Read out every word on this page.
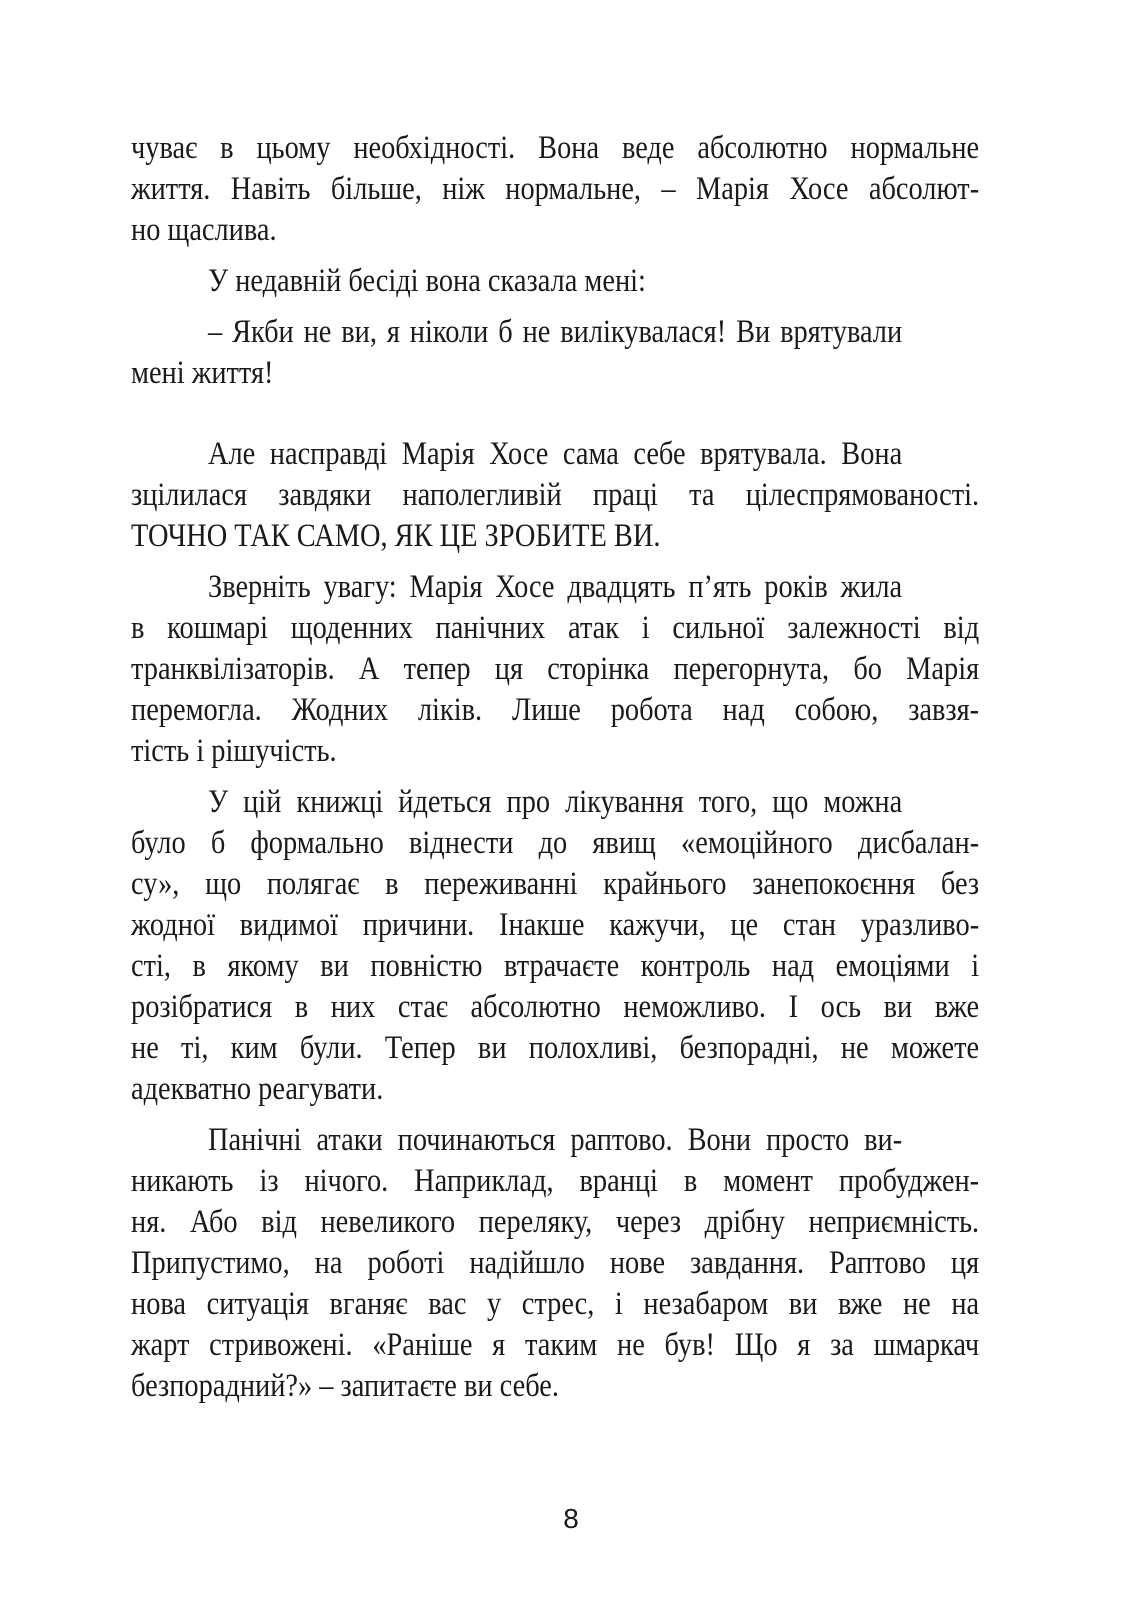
чуває в цьому необхідності. Вона веде абсолютно нормальне
життя. Навіть більше, ніж нормальне, – Марія Хосе абсолют-
но щаслива.
У недавній бесіді вона сказала мені:
– Якби не ви, я ніколи б не вилікувалася! Ви врятували
мені життя!
Але насправді Марія Хосе сама себе врятувала. Вона
зцілилася завдяки наполегливій праці та цілеспрямованості.
ТОЧНО ТАК САМО, ЯК ЦЕ ЗРОБИТЕ ВИ.
Зверніть увагу: Марія Хосе двадцять п’ять років жила
в кошмарі щоденних панічних атак і сильної залежності від
транквілізаторів. А тепер ця сторінка перегорнута, бо Марія
перемогла. Жодних ліків. Лише робота над собою, завзя-
тість і рішучість.
У цій книжці йдеться про лікування того, що можна
було б формально віднести до явищ «емоційного дисбалан-
су», що полягає в переживанні крайнього занепокоєння без
жодної видимої причини. Інакше кажучи, це стан уразливо-
сті, в якому ви повністю втрачаєте контроль над емоціями і
розібратися в них стає абсолютно неможливо. І ось ви вже
не ті, ким були. Тепер ви полохливі, безпорадні, не можете
адекватно реагувати.
Панічні атаки починаються раптово. Вони просто ви-
никають із нічого. Наприклад, вранці в момент пробуджен-
ня. Або від невеликого переляку, через дрібну неприємність.
Припустимо, на роботі надійшло нове завдання. Раптово ця
нова ситуація вганяє вас у стрес, і незабаром ви вже не на
жарт стривожені. «Раніше я таким не був! Що я за шмаркач
безпорадний?» – запитаєте ви себе.
8
